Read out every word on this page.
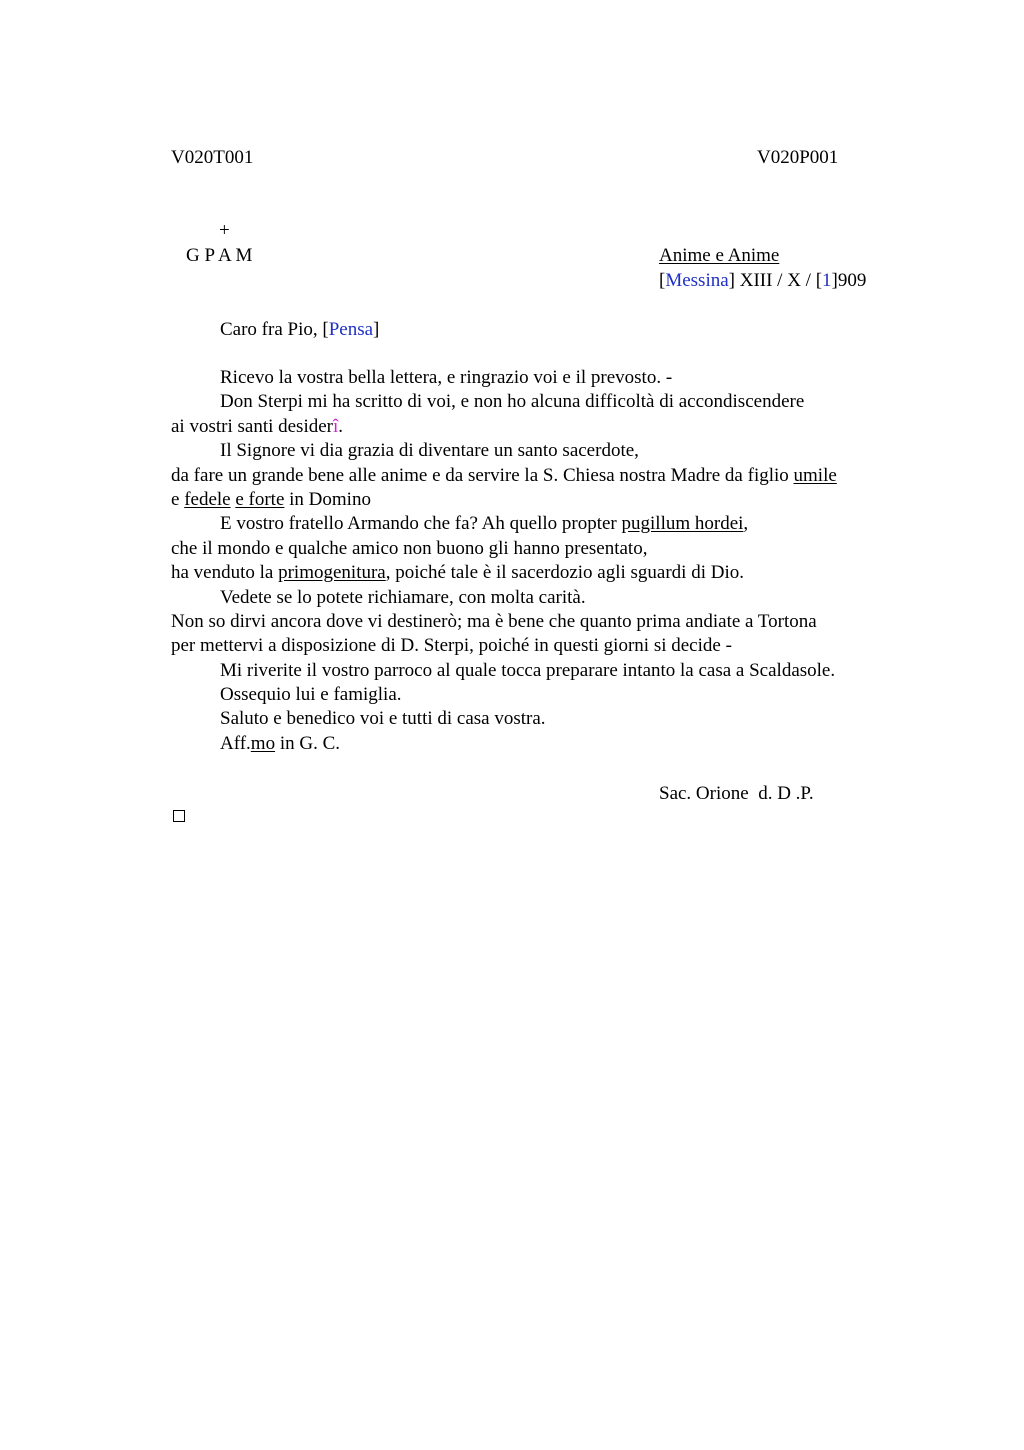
V020T001	V020P001
+
G P A M	Anime e Anime
[Messina] XIII / X / [1]909
Caro fra Pio, [Pensa]
Ricevo la vostra bella lettera, e ringrazio voi e il prevosto. -
Don Sterpi mi ha scritto di voi, e non ho alcuna difficoltà di accondiscendere
ai vostri santi desiderî.
Il Signore vi dia grazia di diventare un santo sacerdote,
da fare un grande bene alle anime e da servire la S. Chiesa nostra Madre da figlio umile
e fedele e forte in Domino
E vostro fratello Armando che fa? Ah quello propter pugillum hordei,
che il mondo e qualche amico non buono gli hanno presentato,
ha venduto la primogenitura, poiché tale è il sacerdozio agli sguardi di Dio.
Vedete se lo potete richiamare, con molta carità.
Non so dirvi ancora dove vi destinerò; ma è bene che quanto prima andiate a Tortona
per mettervi a disposizione di D. Sterpi, poiché in questi giorni si decide -
Mi riverite il vostro parroco al quale tocca preparare intanto la casa a Scaldasole.
Ossequio lui e famiglia.
Saluto e benedico voi e tutti di casa vostra.
Aff.mo in G. C.
Sac. Orione  d. D .P.
